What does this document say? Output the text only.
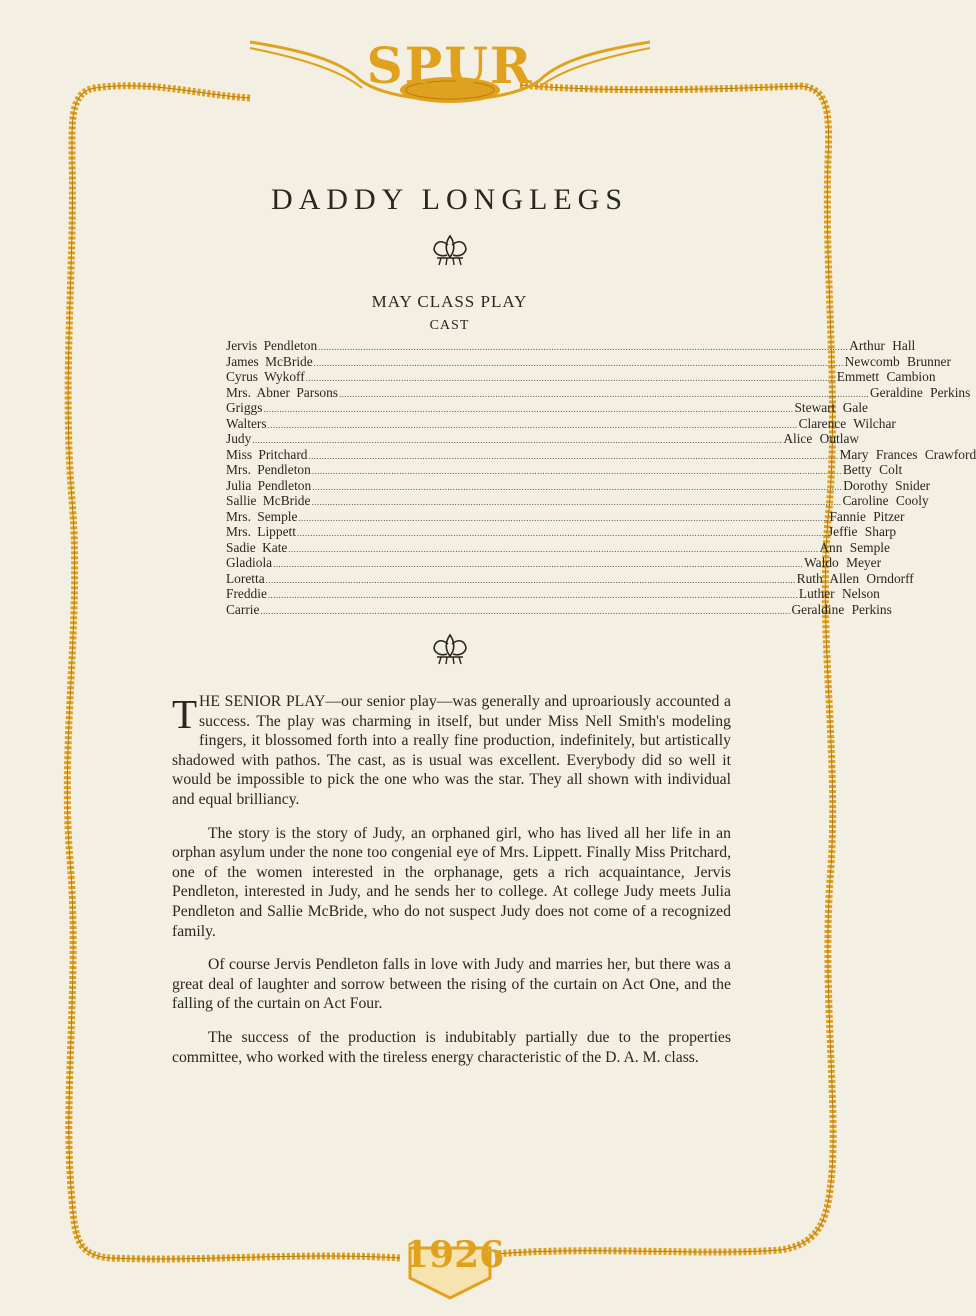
SPUR
1926
DADDY LONGLEGS
MAY CLASS PLAY
CAST
Jervis Pendleton ........................................................................................................................................................................................................ Arthur Hall
James McBride ........................................................................................................................................................................................................ Newcomb Brunner
Cyrus Wykoff ........................................................................................................................................................................................................ Emmett Cambion
Mrs. Abner Parsons ........................................................................................................................................................................................................ Geraldine Perkins
Griggs ........................................................................................................................................................................................................ Stewart Gale
Walters ........................................................................................................................................................................................................ Clarence Wilchar
Judy ........................................................................................................................................................................................................ Alice Outlaw
Miss Pritchard ........................................................................................................................................................................................................ Mary Frances Crawford
Mrs. Pendleton ........................................................................................................................................................................................................ Betty Colt
Julia Pendleton ........................................................................................................................................................................................................ Dorothy Snider
Sallie McBride ........................................................................................................................................................................................................ Caroline Cooly
Mrs. Semple ........................................................................................................................................................................................................ Fannie Pitzer
Mrs. Lippett ........................................................................................................................................................................................................ Jeffie Sharp
Sadie Kate ........................................................................................................................................................................................................ Ann Semple
Gladiola ........................................................................................................................................................................................................ Waldo Meyer
Loretta ........................................................................................................................................................................................................ Ruth Allen Orndorff
Freddie ........................................................................................................................................................................................................ Luther Nelson
Carrie ........................................................................................................................................................................................................ Geraldine Perkins

THE SENIOR PLAY—our senior play—was generally and uproariously accounted a success. The play was charming in itself, but under Miss Nell Smith's modeling fingers, it blossomed forth into a really fine production, indefinitely, but artistically shadowed with pathos. The cast, as is usual was excellent. Everybody did so well it would be impossible to pick the one who was the star. They all shown with individual and equal brilliancy.

The story is the story of Judy, an orphaned girl, who has lived all her life in an orphan asylum under the none too congenial eye of Mrs. Lippett. Finally Miss Pritchard, one of the women interested in the orphanage, gets a rich acquaintance, Jervis Pendleton, interested in Judy, and he sends her to college. At college Judy meets Julia Pendleton and Sallie McBride, who do not suspect Judy does not come of a recognized family.

Of course Jervis Pendleton falls in love with Judy and marries her, but there was a great deal of laughter and sorrow between the rising of the curtain on Act One, and the falling of the curtain on Act Four.

The success of the production is indubitably partially due to the properties committee, who worked with the tireless energy characteristic of the D. A. M. class.
